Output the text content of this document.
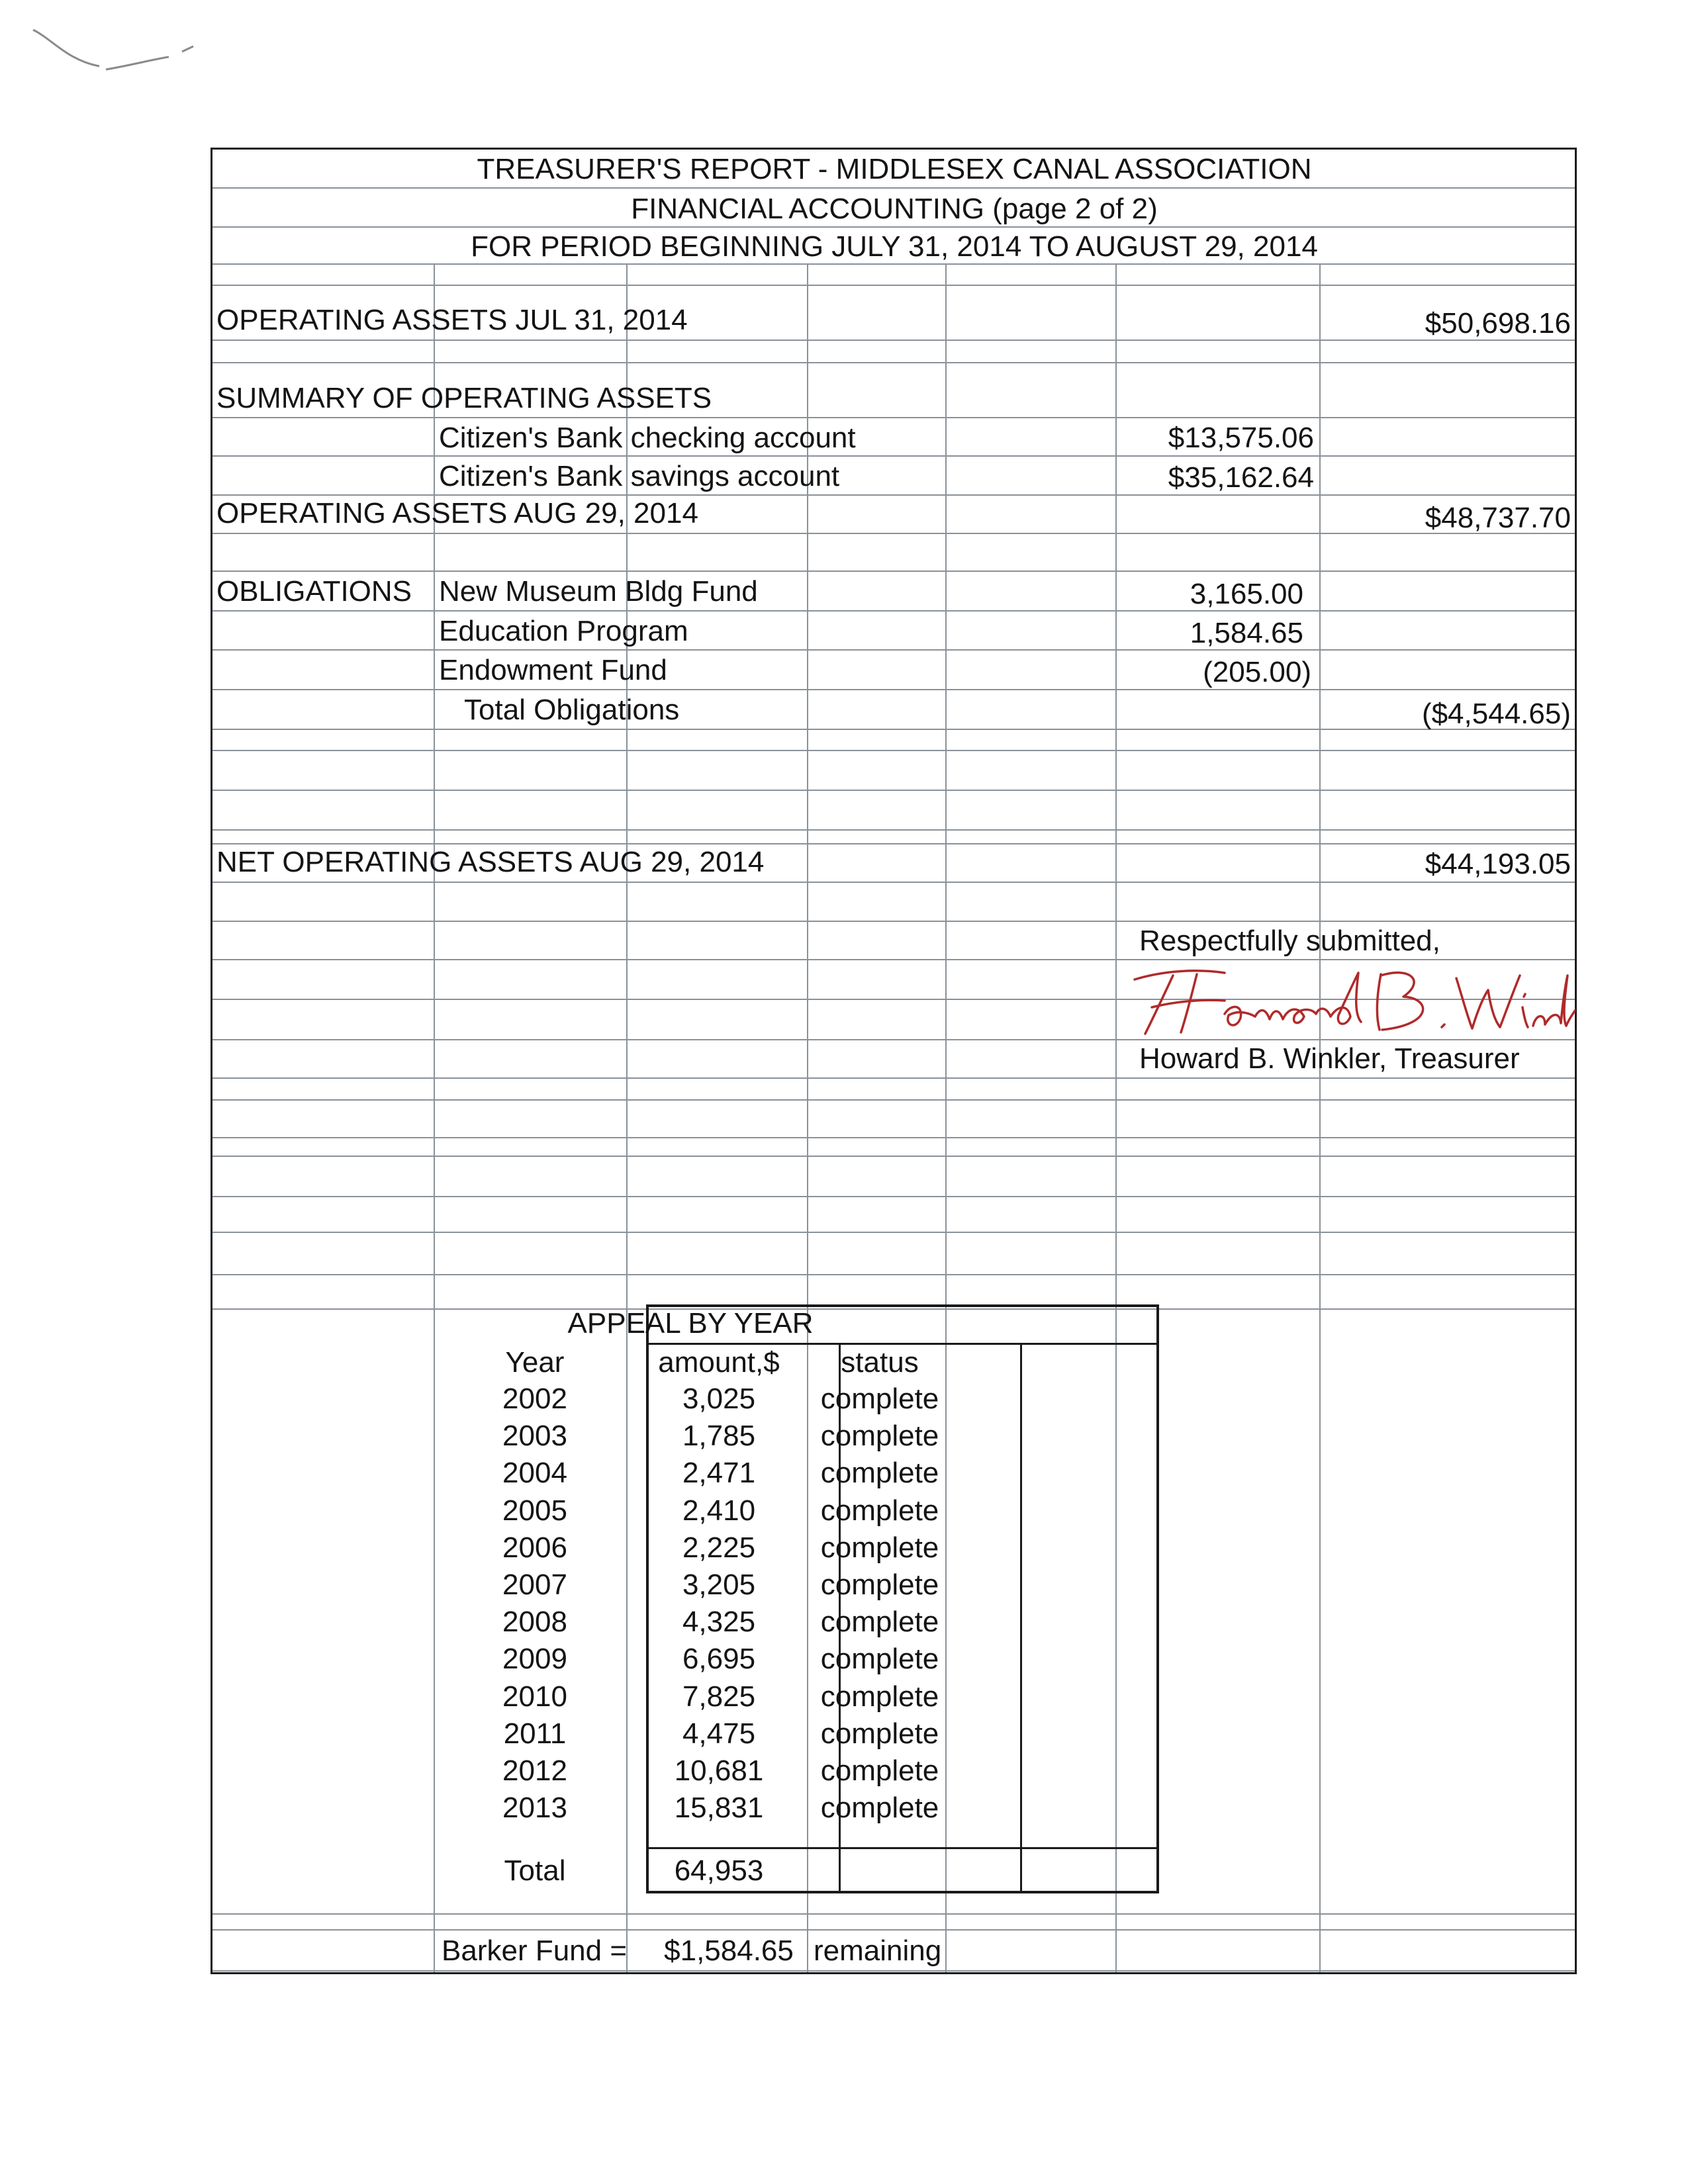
TREASURER'S REPORT - MIDDLESEX CANAL ASSOCIATION
FINANCIAL ACCOUNTING (page 2 of 2)
FOR PERIOD BEGINNING JULY 31, 2014 TO AUGUST 29, 2014
OPERATING ASSETS JUL 31, 2014	$50,698.16
SUMMARY OF OPERATING ASSETS
Citizen's Bank checking account	$13,575.06
Citizen's Bank savings account	$35,162.64
OPERATING ASSETS AUG 29, 2014	$48,737.70
OBLIGATIONS New Museum Bldg Fund	3,165.00
Education Program	1,584.65
Endowment Fund	(205.00)
Total Obligations	($4,544.65)
NET OPERATING ASSETS AUG 29, 2014	$44,193.05
Respectfully submitted,
Howard B. Winkler, Treasurer
APPEAL BY YEAR
Year	amount,$ status
2002	3,025 complete
2003	1,785 complete
2004	2,471 complete
2005	2,410 complete
2006	2,225 complete
2007	3,205 complete
2008	4,325 complete
2009	6,695 complete
2010	7,825 complete
2011	4,475 complete
2012	10,681 complete
2013	15,831 complete
Total	64,953
Barker Fund = $1,584.65 remaining
